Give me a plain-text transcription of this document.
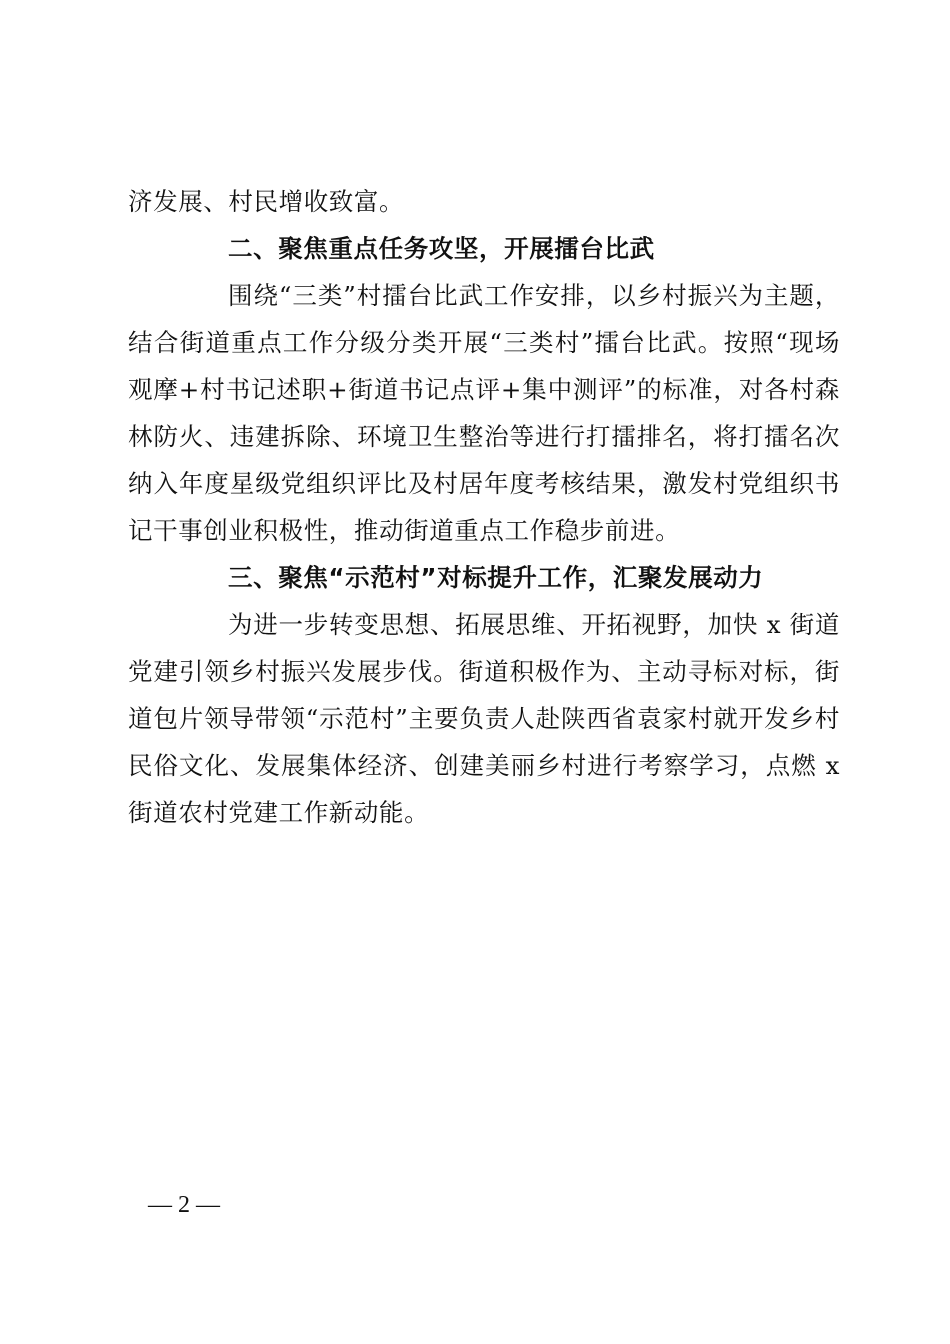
济发展、村民增收致富。

二、聚焦重点任务攻坚，开展擂台比武

围绕“三类”村擂台比武工作安排，以乡村振兴为主题，结合街道重点工作分级分类开展“三类村”擂台比武。按照“现场观摩+村书记述职+街道书记点评+集中测评”的标准，对各村森林防火、违建拆除、环境卫生整治等进行打擂排名，将打擂名次纳入年度星级党组织评比及村居年度考核结果，激发村党组织书记干事创业积极性，推动街道重点工作稳步前进。

三、聚焦“示范村”对标提升工作，汇聚发展动力

为进一步转变思想、拓展思维、开拓视野，加快 x 街道党建引领乡村振兴发展步伐。街道积极作为、主动寻标对标，街道包片领导带领“示范村”主要负责人赴陕西省袁家村就开发乡村民俗文化、发展集体经济、创建美丽乡村进行考察学习，点燃 x 街道农村党建工作新动能。

— 2 —
